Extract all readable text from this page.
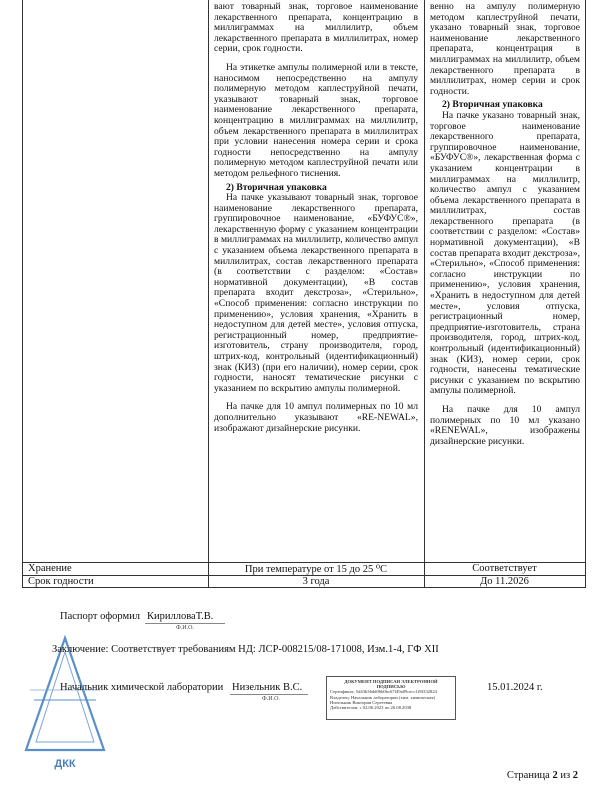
вают товарный знак, торговое наименование лекарственного препарата, концентрацию в миллиграммах на миллилитр, объем лекарственного препарата в миллилитрах, номер серии, срок годности.

На этикетке ампулы полимерной или в тексте, наносимом непосредственно на ампулу полимерную методом каплеструйной печати, указывают товарный знак, торговое наименование лекарственного препарата, концентрацию в миллиграммах на миллилитр, объем лекарственного препарата в миллилитрах при условии нанесения номера серии и срока годности непосредственно на ампулу полимерную методом каплеструйной печати или методом рельефного тиснения.

2) Вторичная упаковка

На пачке указывают товарный знак, торговое наименование лекарственного препарата, группировочное наименование, «БУФУС®», лекарственную форму с указанием концентрации в миллиграммах на миллилитр, количество ампул с указанием объема лекарственного препарата в миллилитрах, состав лекарственного препарата (в соответствии с разделом: «Состав» нормативной документации), «В состав препарата входит декстроза», «Стерильно», «Способ применения: согласно инструкции по применению», условия хранения, «Хранить в недоступном для детей месте», условия отпуска, регистрационный номер, предприятие-изготовитель, страну производителя, город, штрих-код, контрольный (идентификационный) знак (КИЗ) (при его наличии), номер серии, срок годности, наносят тематические рисунки с указанием по вскрытию ампулы полимерной.

На пачке для 10 ампул полимерных по 10 мл дополнительно указывают «RE-NEWAL», изображают дизайнерские рисунки.

венно на ампулу полимерную методом каплеструйной печати, указано товарный знак, торговое наименование лекарственного препарата, концентрация в миллиграммах на миллилитр, объем лекарственного препарата в миллилитрах, номер серии и срок годности.

2) Вторичная упаковка

На пачке указано товарный знак, торговое наименование лекарственного препарата, группировочное наименование, «БУФУС®», лекарственная форма с указанием концентрации в миллиграммах на миллилитр, количество ампул с указанием объема лекарственного препарата в миллилитрах, состав лекарственного препарата (в соответствии с разделом: «Состав» нормативной документации), «В состав препарата входит декстроза», «Стерильно», «Способ применения: согласно инструкции по применению», условия хранения, «Хранить в недоступном для детей месте», условия отпуска, регистрационный номер, предприятие-изготовитель, страна производителя, город, штрих-код, контрольный (идентификационный) знак (КИЗ), номер серии, срок годности, нанесены тематические рисунки с указанием по вскрытию ампулы полимерной.

На пачке для 10 ампул полимерных по 10 мл указано «RENEWAL», изображены дизайнерские рисунки.

Хранение	При температуре от 15 до 25 ⁰С	Соответствует
Срок годности	3 года	До 11.2026
ДКК
Паспорт оформил КирилловаТ.В.
Ф.И.О.
Заключение: Соответствует требованиям НД: ЛСР-008215/08-171008, Изм.1-4, ГФ XII
Начальник химической лаборатории Низельник В.С.
Ф.И.О.
ДОКУМЕНТ ПОДПИСАН ЭЛЕКТРОННОЙ ПОДПИСЬЮ
Сертификат: 5d43b36dd06b0bc67f49a09cecc1f8f332824
Владелец: Начальник лаборатории (хим. химическая)
Низельник Виктория Сергеевна
Действителен: с 02.06.2023 по 26.08.2038
15.01.2024 г.
Страница 2 из 2
